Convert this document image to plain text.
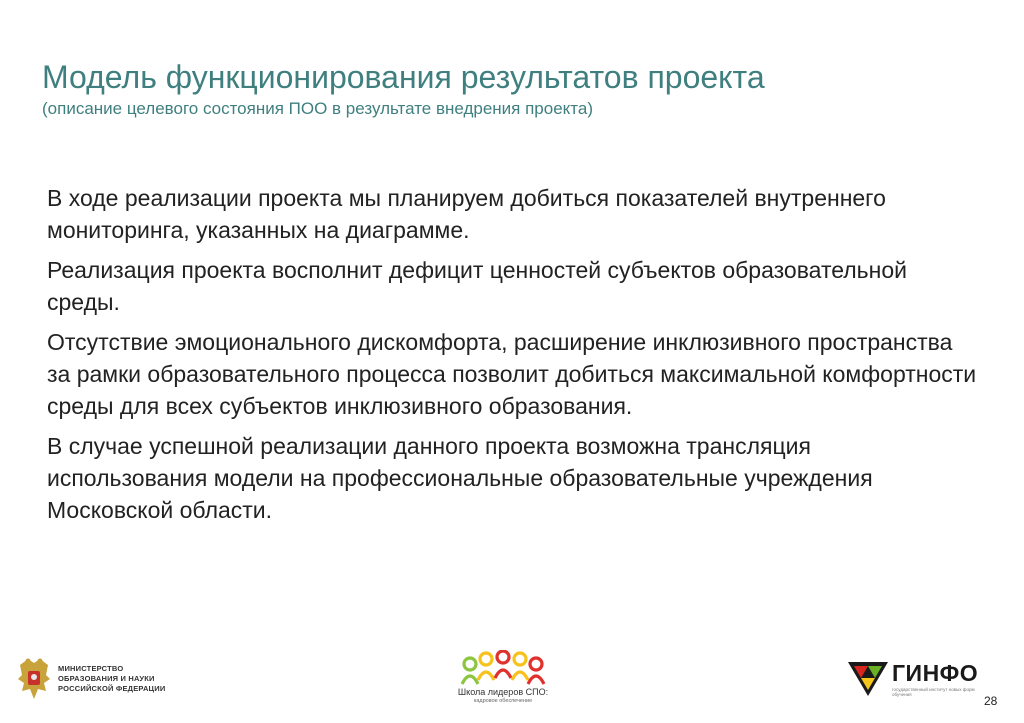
Модель функционирования результатов проекта
(описание целевого состояния ПОО в результате внедрения проекта)

В ходе реализации проекта мы планируем добиться показателей внутреннего мониторинга, указанных на диаграмме.

Реализация проекта восполнит дефицит ценностей субъектов образовательной среды.

Отсутствие эмоционального дискомфорта, расширение инклюзивного пространства за рамки образовательного процесса позволит добиться максимальной комфортности среды для всех субъектов инклюзивного образования.

В случае успешной реализации данного проекта возможна трансляция использования модели на профессиональные образовательные учреждения Московской области.

МИНИСТЕРСТВО
ОБРАЗОВАНИЯ И НАУКИ
РОССИЙСКОЙ ФЕДЕРАЦИИ	Школа лидеров СПО:
кадровое обеспечение
ГИНФО
государственный институт новых форм обучения	28
